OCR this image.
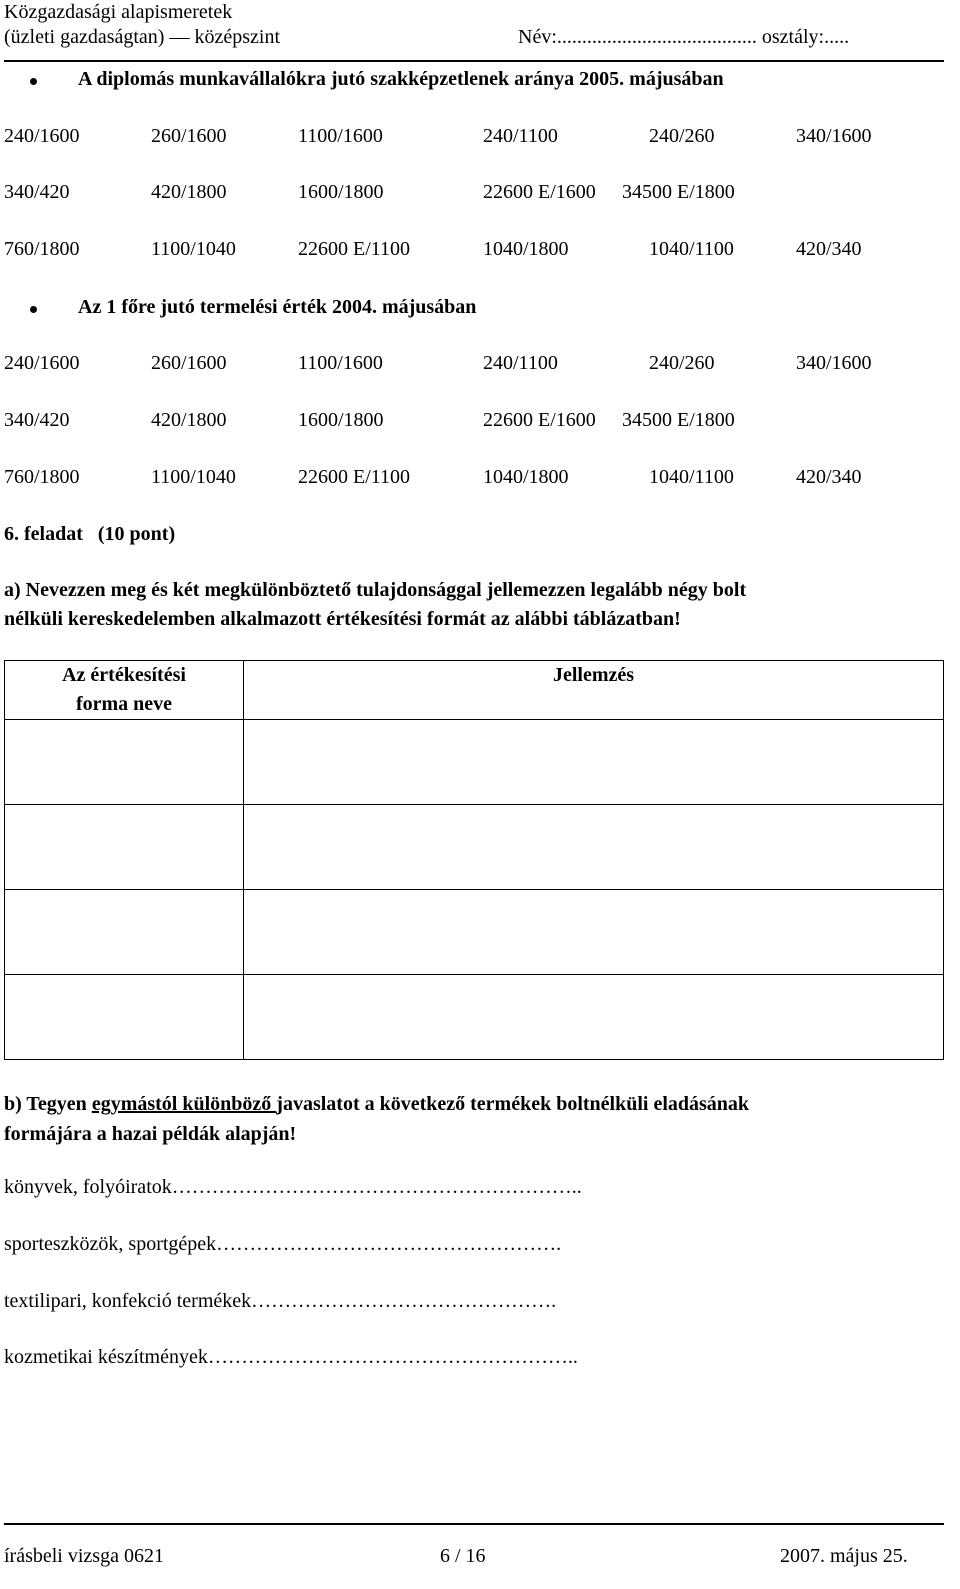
Közgazdasági alapismeretek
(üzleti gazdaságtan) — középszint	Név:........................................ osztály:.....
A diplomás munkavállalókra jutó szakképzetlenek aránya 2005. májusában
240/1600	260/1600	1100/1600	240/1100	240/260	340/1600
340/420	420/1800	1600/1800	22600 E/1600 34500 E/1800
760/1800	1100/1040	22600 E/1100	1040/1800	1040/1100	420/340
Az 1 főre jutó termelési érték 2004. májusában
240/1600	260/1600	1100/1600	240/1100	240/260	340/1600
340/420	420/1800	1600/1800	22600 E/1600 34500 E/1800
760/1800	1100/1040	22600 E/1100	1040/1800	1040/1100	420/340
6. feladat   (10 pont)
a) Nevezzen meg és két megkülönböztető tulajdonsággal jellemezzen legalább négy bolt
nélküli kereskedelemben alkalmazott értékesítési formát az alábbi táblázatban!
Az értékesítési
forma neve	Jellemzés

b) Tegyen egymástól különböző javaslatot a következő termékek boltnélküli eladásának
formájára a hazai példák alapján!
könyvek, folyóiratok……………………………………………………..
sporteszközök, sportgépek…………………………………………….
textilipari, konfekció termékek……………………………………….
kozmetikai készítmények………………………………………………..
írásbeli vizsga 0621	6 / 16	2007. május 25.
